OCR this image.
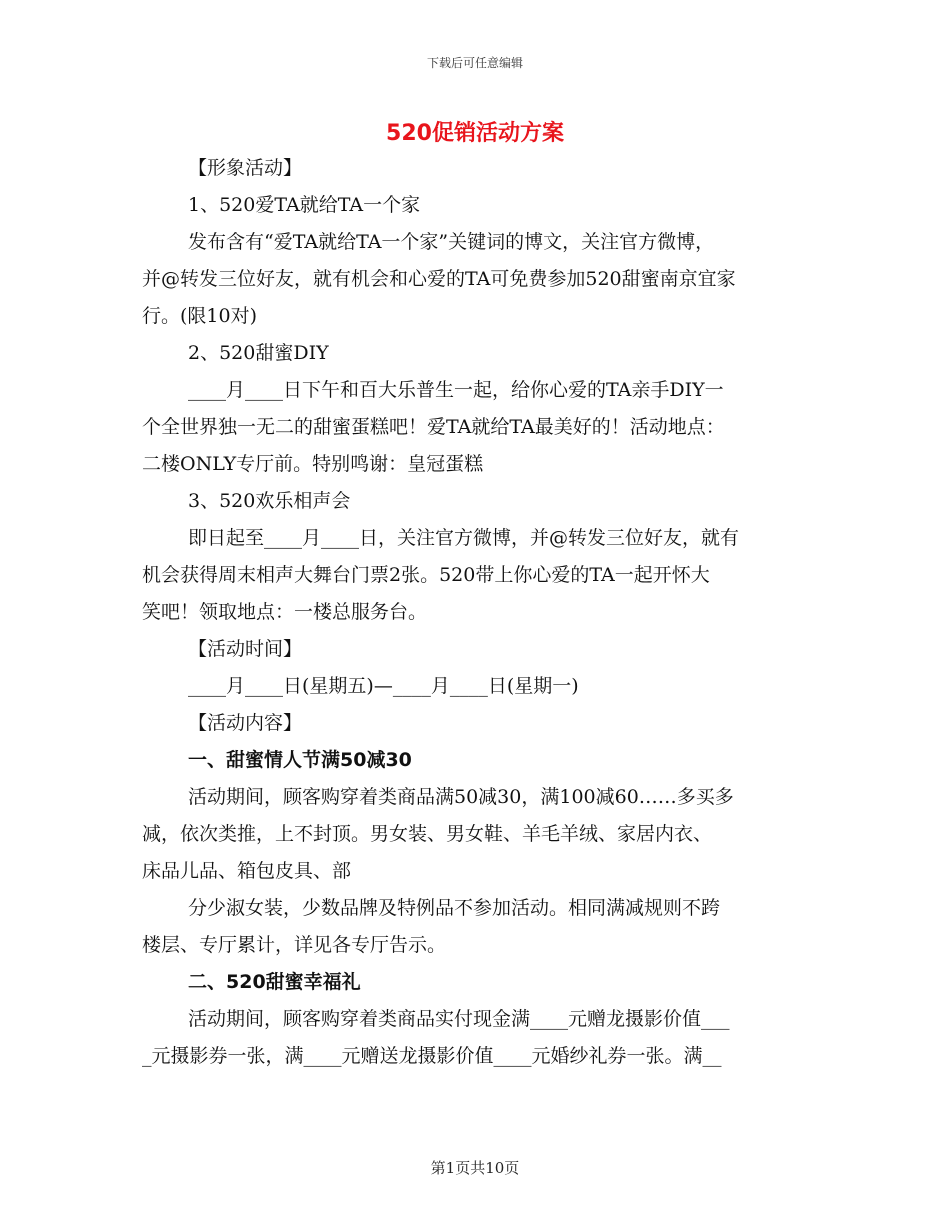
下载后可任意编辑
520促销活动方案
【形象活动】
1、520爱TA就给TA一个家
发布含有“爱TA就给TA一个家”关键词的博文，关注官方微博，
并@转发三位好友，就有机会和心爱的TA可免费参加520甜蜜南京宜家
行。(限10对)
2、520甜蜜DIY
____月____日下午和百大乐普生一起，给你心爱的TA亲手DIY一
个全世界独一无二的甜蜜蛋糕吧！爱TA就给TA最美好的！活动地点：
二楼ONLY专厅前。特别鸣谢：皇冠蛋糕
3、520欢乐相声会
即日起至____月____日，关注官方微博，并@转发三位好友，就有
机会获得周末相声大舞台门票2张。520带上你心爱的TA一起开怀大
笑吧！领取地点：一楼总服务台。
【活动时间】
____月____日(星期五)—____月____日(星期一)
【活动内容】
一、甜蜜情人节满50减30
活动期间，顾客购穿着类商品满50减30，满100减60……多买多
减，依次类推，上不封顶。男女装、男女鞋、羊毛羊绒、家居内衣、
床品儿品、箱包皮具、部
分少淑女装，少数品牌及特例品不参加活动。相同满减规则不跨
楼层、专厅累计，详见各专厅告示。
二、520甜蜜幸福礼
活动期间，顾客购穿着类商品实付现金满____元赠龙摄影价值___
_元摄影券一张，满____元赠送龙摄影价值____元婚纱礼券一张。满__
第1页共10页
